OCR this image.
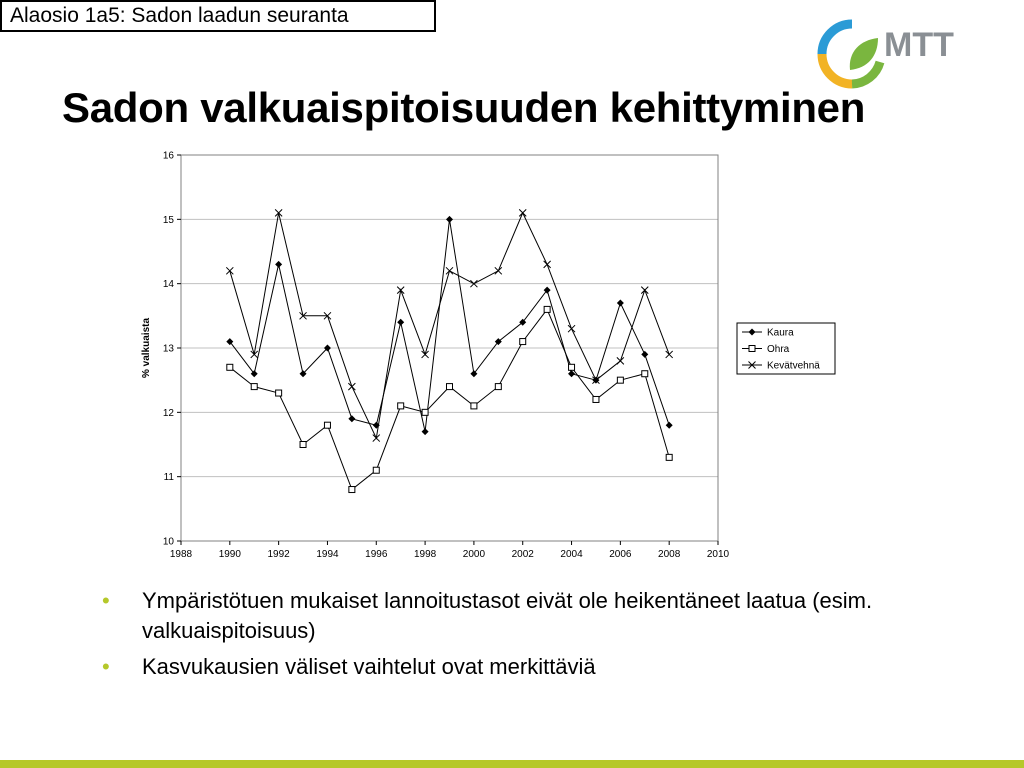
Alaosio 1a5: Sadon laadun seuranta
MTT
Sadon valkuaispitoisuuden kehittyminen
10
11
12
13
14
15
16
1988	1990	1992	1994	1996	1998	2000	2002	2004	2006	2008	2010
% valkuaista	Kaura
Ohra
Kevätvehnä
• Ympäristötuen mukaiset lannoitustasot eivät ole heikentäneet laatua (esim. valkuaispitoisuus)
• Kasvukausien väliset vaihtelut ovat merkittäviä
